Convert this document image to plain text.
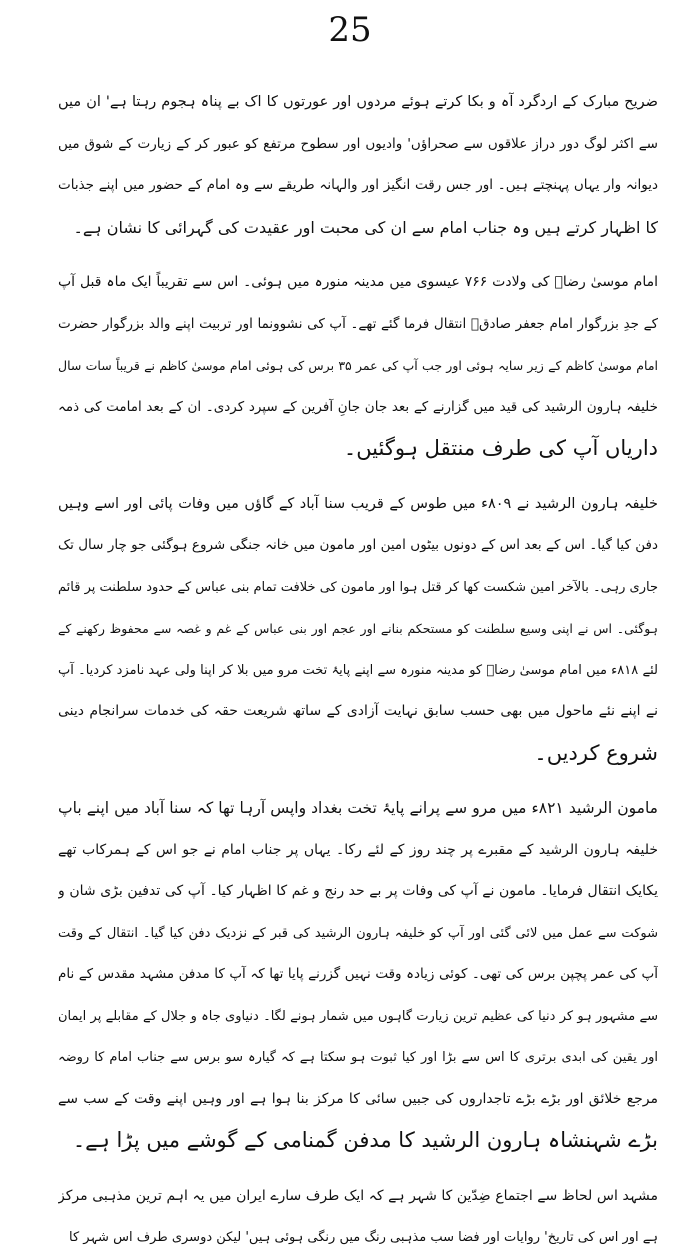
25
ضریح مبارک کے اردگرد آہ و بکا کرتے ہوئے مردوں اور عورتوں کا اک بے پناہ ہجوم رہتا ہے' ان میں
سے اکثر لوگ دور دراز علاقوں سے صحراؤں' وادیوں اور سطوح مرتفع کو عبور کر کے زیارت کے شوق میں
دیوانہ وار یہاں پہنچتے ہیں۔ اور جس رقت انگیز اور والہانہ طریقے سے وہ امام کے حضور میں اپنے جذبات
کا اظہار کرتے ہیں وہ جناب امام سے ان کی محبت اور عقیدت کی گہرائی کا نشان ہے۔
امام موسیٰ رضاؑ کی ولادت ۷۶۶ عیسوی میں مدینہ منورہ میں ہوئی۔ اس سے تقریباً ایک ماہ قبل آپ
کے جدِ بزرگوار امام جعفر صادقؑ انتقال فرما گئے تھے۔ آپ کی نشوونما اور تربیت اپنے والد بزرگوار حضرت
امام موسیٰ کاظم کے زیر سایہ ہوئی اور جب آپ کی عمر ۳۵ برس کی ہوئی امام موسیٰ کاظم نے قریباً سات سال
خلیفہ ہارون الرشید کی قید میں گزارنے کے بعد جان جانِ آفرین کے سپرد کردی۔ ان کے بعد امامت کی ذمہ
داریاں آپ کی طرف منتقل ہوگئیں۔
خلیفہ ہارون الرشید نے ۸۰۹ء میں طوس کے قریب سنا آباد کے گاؤں میں وفات پائی اور اسے وہیں
دفن کیا گیا۔ اس کے بعد اس کے دونوں بیٹوں امین اور مامون میں خانہ جنگی شروع ہوگئی جو چار سال تک
جاری رہی۔ بالآخر امین شکست کھا کر قتل ہوا اور مامون کی خلافت تمام بنی عباس کے حدود سلطنت پر قائم
ہوگئی۔ اس نے اپنی وسیع سلطنت کو مستحکم بنانے اور عجم اور بنی عباس کے غم و غصہ سے محفوظ رکھنے کے
لئے ۸۱۸ء میں امام موسیٰ رضاؑ کو مدینہ منورہ سے اپنے پایۂ تخت مرو میں بلا کر اپنا ولی عہد نامزد کردیا۔ آپ
نے اپنے نئے ماحول میں بھی حسب سابق نہایت آزادی کے ساتھ شریعت حقہ کی خدمات سرانجام دینی
شروع کردیں۔
مامون الرشید ۸۲۱ء میں مرو سے پرانے پایۂ تخت بغداد واپس آرہا تھا کہ سنا آباد میں اپنے باپ
خلیفہ ہارون الرشید کے مقبرے پر چند روز کے لئے رکا۔ یہاں پر جناب امام نے جو اس کے ہمرکاب تھے
یکایک انتقال فرمایا۔ مامون نے آپ کی وفات پر بے حد رنج و غم کا اظہار کیا۔ آپ کی تدفین بڑی شان و
شوکت سے عمل میں لائی گئی اور آپ کو خلیفہ ہارون الرشید کی قبر کے نزدیک دفن کیا گیا۔ انتقال کے وقت
آپ کی عمر پچپن برس کی تھی۔ کوئی زیادہ وقت نہیں گزرنے پایا تھا کہ آپ کا مدفن مشہد مقدس کے نام
سے مشہور ہو کر دنیا کی عظیم ترین زیارت گاہوں میں شمار ہونے لگا۔ دنیاوی جاہ و جلال کے مقابلے پر ایمان
اور یقین کی ابدی برتری کا اس سے بڑا اور کیا ثبوت ہو سکتا ہے کہ گیارہ سو برس سے جناب امام کا روضہ
مرجع خلائق اور بڑے بڑے تاجداروں کی جبیں سائی کا مرکز بنا ہوا ہے اور وہیں اپنے وقت کے سب سے
بڑے شہنشاہ ہارون الرشید کا مدفن گمنامی کے گوشے میں پڑا ہے۔
مشہد اس لحاظ سے اجتماع ضِدّین کا شہر ہے کہ ایک طرف سارے ایران میں یہ اہم ترین مذہبی مرکز
ہے اور اس کی تاریخ' روایات اور فضا سب مذہبی رنگ میں رنگی ہوئی ہیں' لیکن دوسری طرف اس شہر کا
